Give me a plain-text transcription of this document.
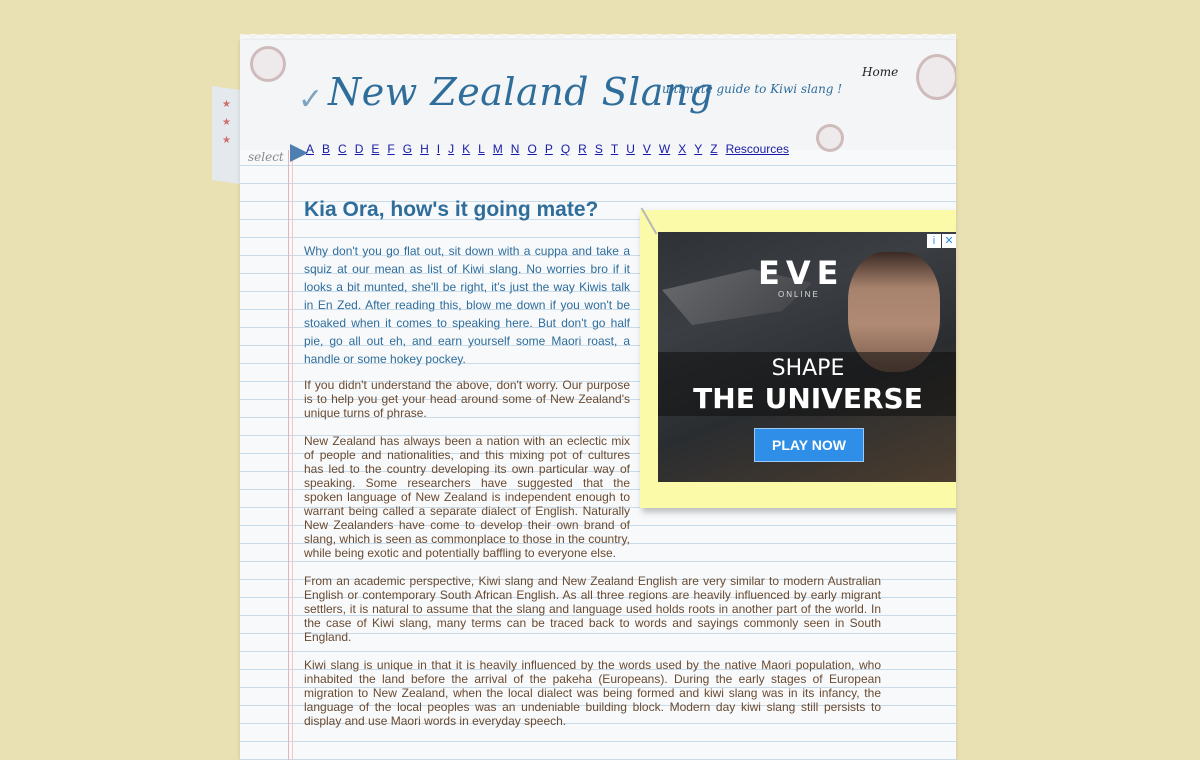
★
★
★
✓ New Zealand Slang
ultimate guide to Kiwi slang !
Home
select
A B C D E F G H I J K L M N O P Q R S T U V W X Y Z Rescources
Kia Ora, how's it going mate?

Why don't you go flat out, sit down with a cuppa and take a squiz at our mean as list of Kiwi slang. No worries bro if it looks a bit munted, she'll be right, it's just the way Kiwis talk in En Zed. After reading this, blow me down if you won't be stoaked when it comes to speaking here. But don't go half pie, go all out eh, and earn yourself some Maori roast, a handle or some hokey pockey.

If you didn't understand the above, don't worry. Our purpose is to help you get your head around some of New Zealand's unique turns of phrase.

New Zealand has always been a nation with an eclectic mix of people and nationalities, and this mixing pot of cultures has led to the country developing its own particular way of speaking. Some researchers have suggested that the spoken language of New Zealand is independent enough to warrant being called a separate dialect of English. Naturally New Zealanders have come to develop their own brand of slang, which is seen as commonplace to those in the country, while being exotic and potentially baffling to everyone else.

From an academic perspective, Kiwi slang and New Zealand English are very similar to modern Australian English or contemporary South African English. As all three regions are heavily influenced by early migrant settlers, it is natural to assume that the slang and language used holds roots in another part of the world. In the case of Kiwi slang, many terms can be traced back to words and sayings commonly seen in South England.

Kiwi slang is unique in that it is heavily influenced by the words used by the native Maori population, who inhabited the land before the arrival of the pakeha (Europeans). During the early stages of European migration to New Zealand, when the local dialect was being formed and kiwi slang was in its infancy, the language of the local peoples was an undeniable building block. Modern day kiwi slang still persists to display and use Maori words in everyday speech.

EVE
ONLINE
SHAPE
THE UNIVERSE
PLAY NOW
i ✕
